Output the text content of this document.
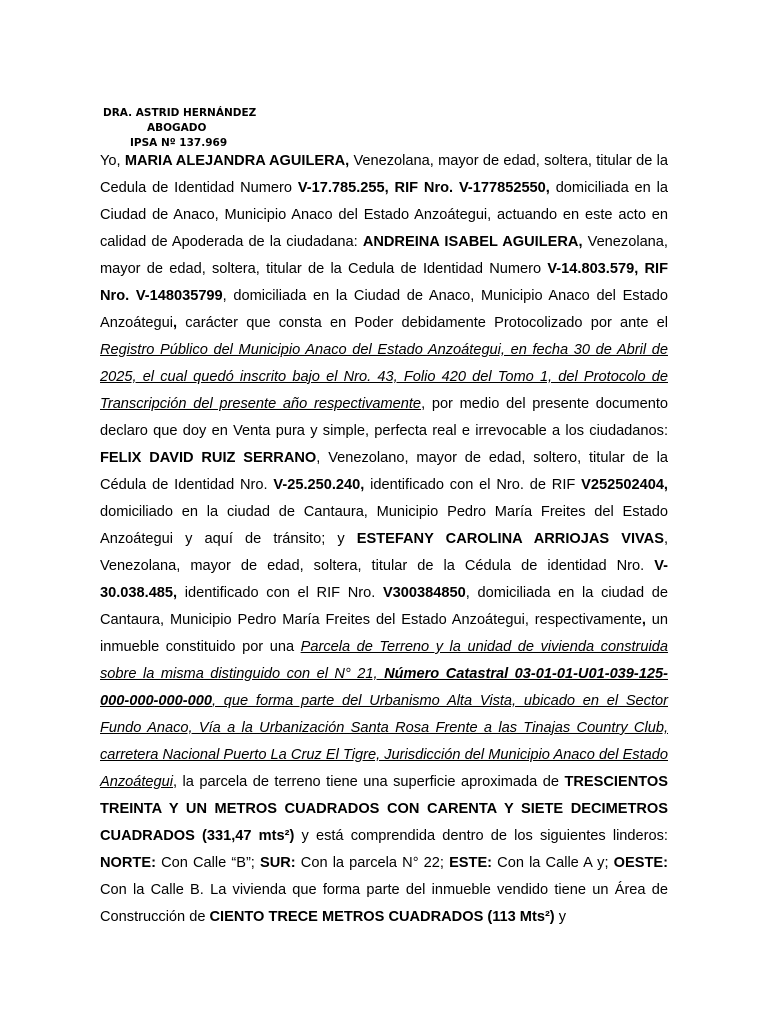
DRA. ASTRID HERNÁNDEZ
ABOGADO
IPSA Nº 137.969

Yo, MARIA ALEJANDRA AGUILERA, Venezolana, mayor de edad, soltera, titular de la Cedula de Identidad Numero V-17.785.255, RIF Nro. V-177852550, domiciliada en la Ciudad de Anaco, Municipio Anaco del Estado Anzoátegui, actuando en este acto en calidad de Apoderada de la ciudadana: ANDREINA ISABEL AGUILERA, Venezolana, mayor de edad, soltera, titular de la Cedula de Identidad Numero V-14.803.579, RIF Nro. V-148035799, domiciliada en la Ciudad de Anaco, Municipio Anaco del Estado Anzoátegui, carácter que consta en Poder debidamente Protocolizado por ante el Registro Público del Municipio Anaco del Estado Anzoátegui, en fecha 30 de Abril de 2025, el cual quedó inscrito bajo el Nro. 43, Folio 420 del Tomo 1, del Protocolo de Transcripción del presente año respectivamente, por medio del presente documento declaro que doy en Venta pura y simple, perfecta real e irrevocable a los ciudadanos: FELIX DAVID RUIZ SERRANO, Venezolano, mayor de edad, soltero, titular de la Cédula de Identidad Nro. V-25.250.240, identificado con el Nro. de RIF V252502404, domiciliado en la ciudad de Cantaura, Municipio Pedro María Freites del Estado Anzoátegui y aquí de tránsito; y ESTEFANY CAROLINA ARRIOJAS VIVAS, Venezolana, mayor de edad, soltera, titular de la Cédula de identidad Nro. V-30.038.485, identificado con el RIF Nro. V300384850, domiciliada en la ciudad de Cantaura, Municipio Pedro María Freites del Estado Anzoátegui, respectivamente, un inmueble constituido por una Parcela de Terreno y la unidad de vivienda construida sobre la misma distinguido con el N° 21, Número Catastral 03-01-01-U01-039-125-000-000-000-000, que forma parte del Urbanismo Alta Vista, ubicado en el Sector Fundo Anaco, Vía a la Urbanización Santa Rosa Frente a las Tinajas Country Club, carretera Nacional Puerto La Cruz El Tigre, Jurisdicción del Municipio Anaco del Estado Anzoátegui, la parcela de terreno tiene una superficie aproximada de TRESCIENTOS TREINTA Y UN METROS CUADRADOS CON CARENTA Y SIETE DECIMETROS CUADRADOS (331,47 mts²) y está comprendida dentro de los siguientes linderos: NORTE: Con Calle “B”; SUR: Con la parcela N° 22; ESTE: Con la Calle A y; OESTE: Con la Calle B. La vivienda que forma parte del inmueble vendido tiene un Área de Construcción de CIENTO TRECE METROS CUADRADOS (113 Mts²) y
